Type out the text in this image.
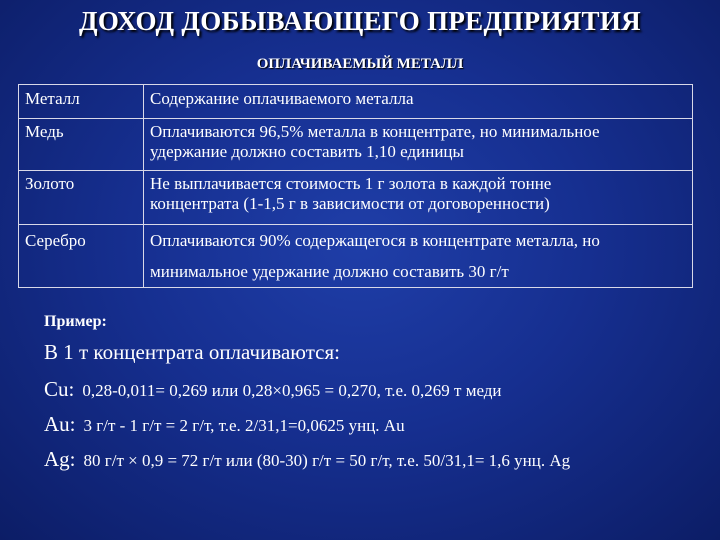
ДОХОД ДОБЫВАЮЩЕГО ПРЕДПРИЯТИЯ
ОПЛАЧИВАЕМЫЙ МЕТАЛЛ
Металл	Содержание оплачиваемого металла
Медь	Оплачиваются 96,5% металла в концентрате, но минимальное
удержание должно составить 1,10 единицы

Золото	Не выплачивается стоимость 1 г золота в каждой тонне
концентрата (1-1,5 г в зависимости от договоренности)

Серебро	Оплачиваются 90% содержащегося в концентрате металла, но
минимальное удержание должно составить 30 г/т
Пример:
В 1 т концентрата оплачиваются:
Cu: 0,28-0,011= 0,269 или 0,28×0,965 = 0,270, т.е. 0,269 т меди
Au: 3 г/т - 1 г/т = 2 г/т, т.е. 2/31,1=0,0625 унц. Au
Ag: 80 г/т × 0,9 = 72 г/т или (80-30) г/т = 50 г/т, т.е. 50/31,1= 1,6 унц. Ag
